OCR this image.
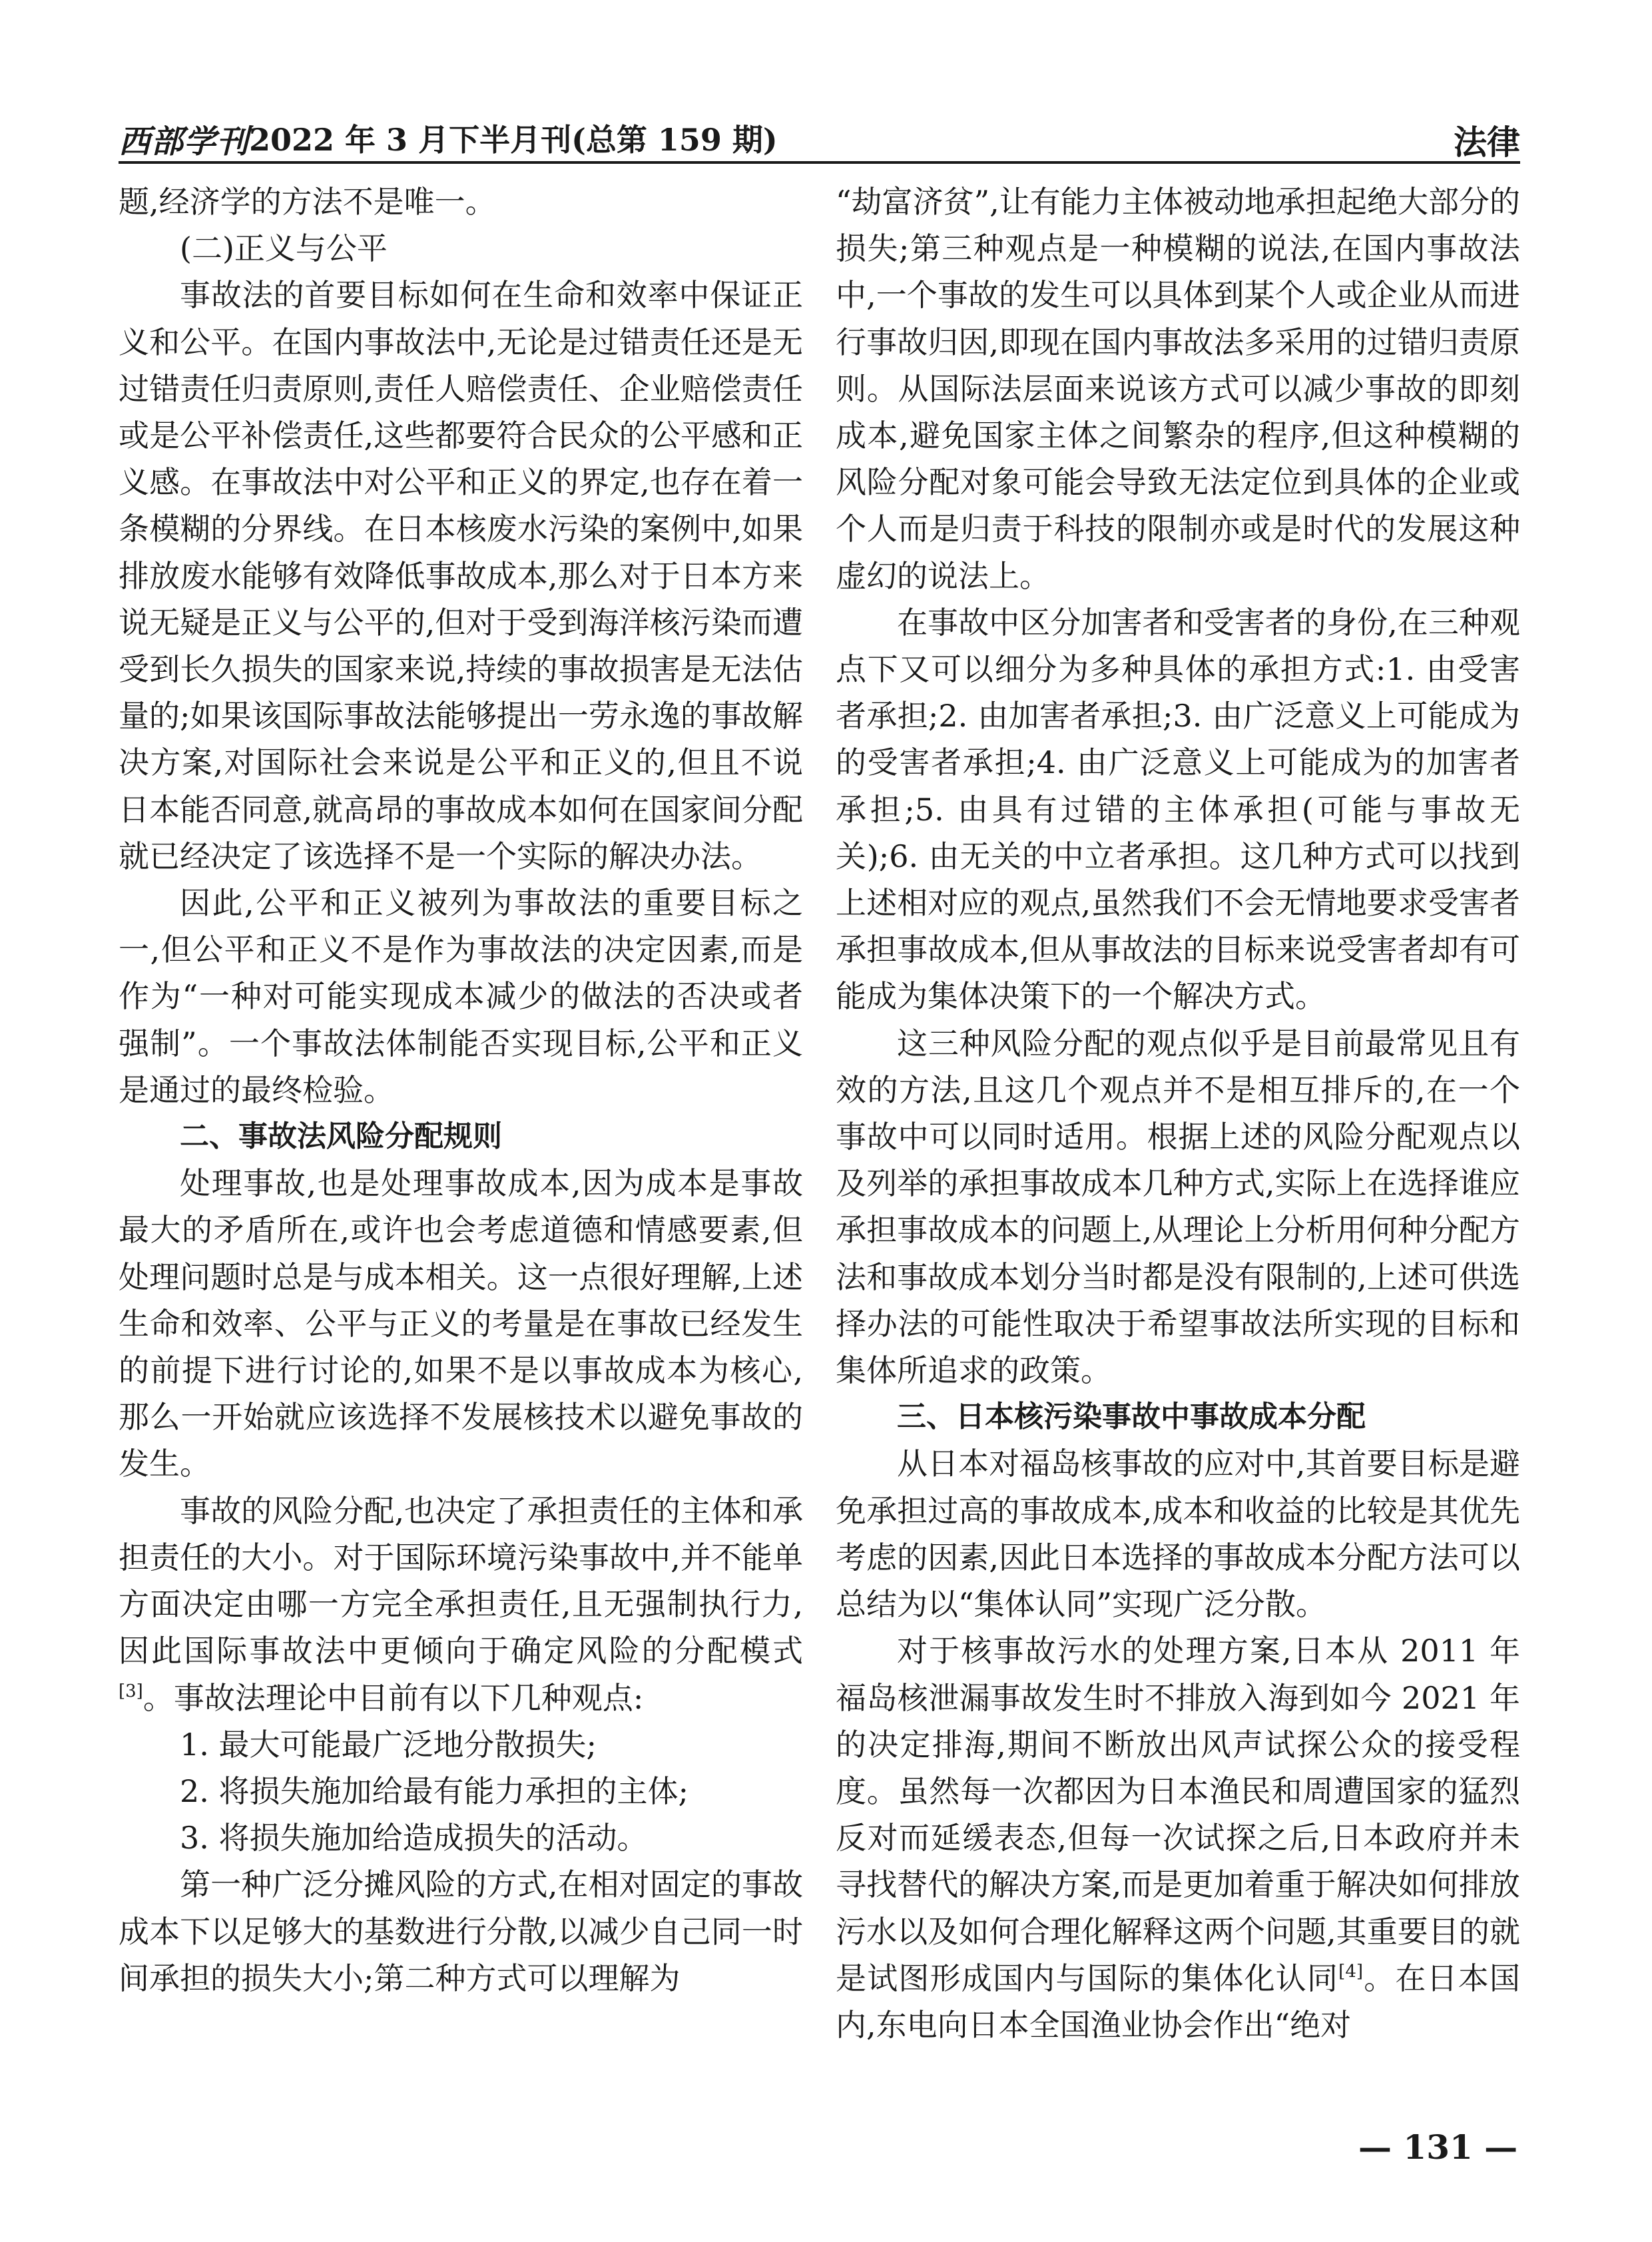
西部学刊 2022 年 3 月下半月刊(总第 159 期)	法律

题,经济学的方法不是唯一。

(二)正义与公平

事故法的首要目标如何在生命和效率中保证正义和公平。在国内事故法中,无论是过错责任还是无过错责任归责原则,责任人赔偿责任、企业赔偿责任或是公平补偿责任,这些都要符合民众的公平感和正义感。在事故法中对公平和正义的界定,也存在着一条模糊的分界线。在日本核废水污染的案例中,如果排放废水能够有效降低事故成本,那么对于日本方来说无疑是正义与公平的,但对于受到海洋核污染而遭受到长久损失的国家来说,持续的事故损害是无法估量的;如果该国际事故法能够提出一劳永逸的事故解决方案,对国际社会来说是公平和正义的,但且不说日本能否同意,就高昂的事故成本如何在国家间分配就已经决定了该选择不是一个实际的解决办法。

因此,公平和正义被列为事故法的重要目标之一,但公平和正义不是作为事故法的决定因素,而是作为“一种对可能实现成本减少的做法的否决或者强制”。一个事故法体制能否实现目标,公平和正义是通过的最终检验。

二、事故法风险分配规则

处理事故,也是处理事故成本,因为成本是事故最大的矛盾所在,或许也会考虑道德和情感要素,但处理问题时总是与成本相关。这一点很好理解,上述生命和效率、公平与正义的考量是在事故已经发生的前提下进行讨论的,如果不是以事故成本为核心,那么一开始就应该选择不发展核技术以避免事故的发生。

事故的风险分配,也决定了承担责任的主体和承担责任的大小。对于国际环境污染事故中,并不能单方面决定由哪一方完全承担责任,且无强制执行力,因此国际事故法中更倾向于确定风险的分配模式[3]。事故法理论中目前有以下几种观点:

1. 最大可能最广泛地分散损失;

2. 将损失施加给最有能力承担的主体;

3. 将损失施加给造成损失的活动。

第一种广泛分摊风险的方式,在相对固定的事故成本下以足够大的基数进行分散,以减少自己同一时间承担的损失大小;第二种方式可以理解为

“劫富济贫”,让有能力主体被动地承担起绝大部分的损失;第三种观点是一种模糊的说法,在国内事故法中,一个事故的发生可以具体到某个人或企业从而进行事故归因,即现在国内事故法多采用的过错归责原则。从国际法层面来说该方式可以减少事故的即刻成本,避免国家主体之间繁杂的程序,但这种模糊的风险分配对象可能会导致无法定位到具体的企业或个人而是归责于科技的限制亦或是时代的发展这种虚幻的说法上。

在事故中区分加害者和受害者的身份,在三种观点下又可以细分为多种具体的承担方式:1. 由受害者承担;2. 由加害者承担;3. 由广泛意义上可能成为的受害者承担;4. 由广泛意义上可能成为的加害者承担;5. 由具有过错的主体承担(可能与事故无关);6. 由无关的中立者承担。这几种方式可以找到上述相对应的观点,虽然我们不会无情地要求受害者承担事故成本,但从事故法的目标来说受害者却有可能成为集体决策下的一个解决方式。

这三种风险分配的观点似乎是目前最常见且有效的方法,且这几个观点并不是相互排斥的,在一个事故中可以同时适用。根据上述的风险分配观点以及列举的承担事故成本几种方式,实际上在选择谁应承担事故成本的问题上,从理论上分析用何种分配方法和事故成本划分当时都是没有限制的,上述可供选择办法的可能性取决于希望事故法所实现的目标和集体所追求的政策。

三、日本核污染事故中事故成本分配

从日本对福岛核事故的应对中,其首要目标是避免承担过高的事故成本,成本和收益的比较是其优先考虑的因素,因此日本选择的事故成本分配方法可以总结为以“集体认同”实现广泛分散。

对于核事故污水的处理方案,日本从 2011 年福岛核泄漏事故发生时不排放入海到如今 2021 年的决定排海,期间不断放出风声试探公众的接受程度。虽然每一次都因为日本渔民和周遭国家的猛烈反对而延缓表态,但每一次试探之后,日本政府并未寻找替代的解决方案,而是更加着重于解决如何排放污水以及如何合理化解释这两个问题,其重要目的就是试图形成国内与国际的集体化认同[4]。在日本国内,东电向日本全国渔业协会作出“绝对

— 131 —
